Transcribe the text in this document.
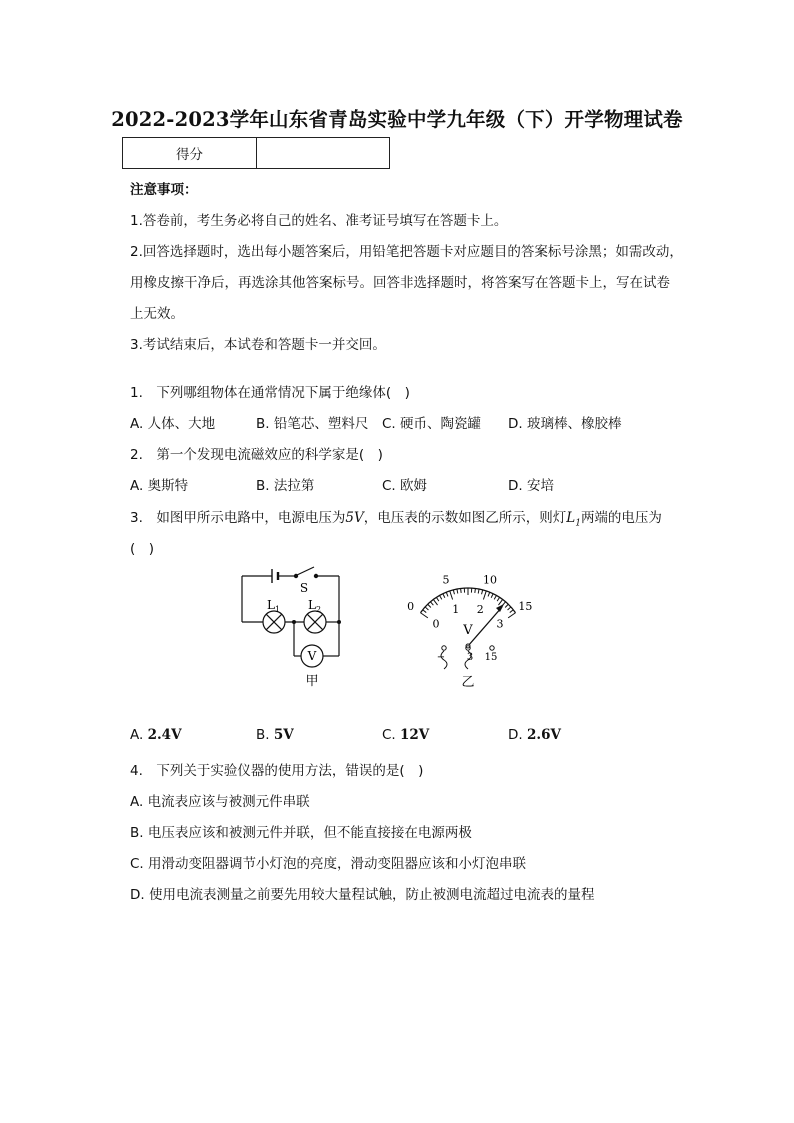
2022-2023学年山东省青岛实验中学九年级（下）开学物理试卷
得分	
注意事项：
1.答卷前，考生务必将自己的姓名、准考证号填写在答题卡上。
2.回答选择题时，选出每小题答案后，用铅笔把答题卡对应题目的答案标号涂黑；如需改动，
用橡皮擦干净后，再选涂其他答案标号。回答非选择题时，将答案写在答题卡上，写在试卷
上无效。
3.考试结束后，本试卷和答题卡一并交回。
1.　下列哪组物体在通常情况下属于绝缘体(　)
A. 人体、大地	B. 铅笔芯、塑料尺 C. 硬币、陶瓷罐 D. 玻璃棒、橡胶棒
2.　第一个发现电流磁效应的科学家是(　)
A. 奥斯特	B. 法拉第	C. 欧姆	D. 安培
3.　如图甲所示电路中，电源电压为5V，电压表的示数如图乙所示，则灯$L_1$两端的电压为
(　)
S
$L_1$ $L_2$
V
甲
0
5	10
15
0
1 2
3
V
− 3 15
乙
A. 2.4V	B. 5V	C. 12V	D. 2.6V
4.　下列关于实验仪器的使用方法，错误的是(　)
A. 电流表应该与被测元件串联
B. 电压表应该和被测元件并联，但不能直接接在电源两极
C. 用滑动变阻器调节小灯泡的亮度，滑动变阻器应该和小灯泡串联
D. 使用电流表测量之前要先用较大量程试触，防止被测电流超过电流表的量程
